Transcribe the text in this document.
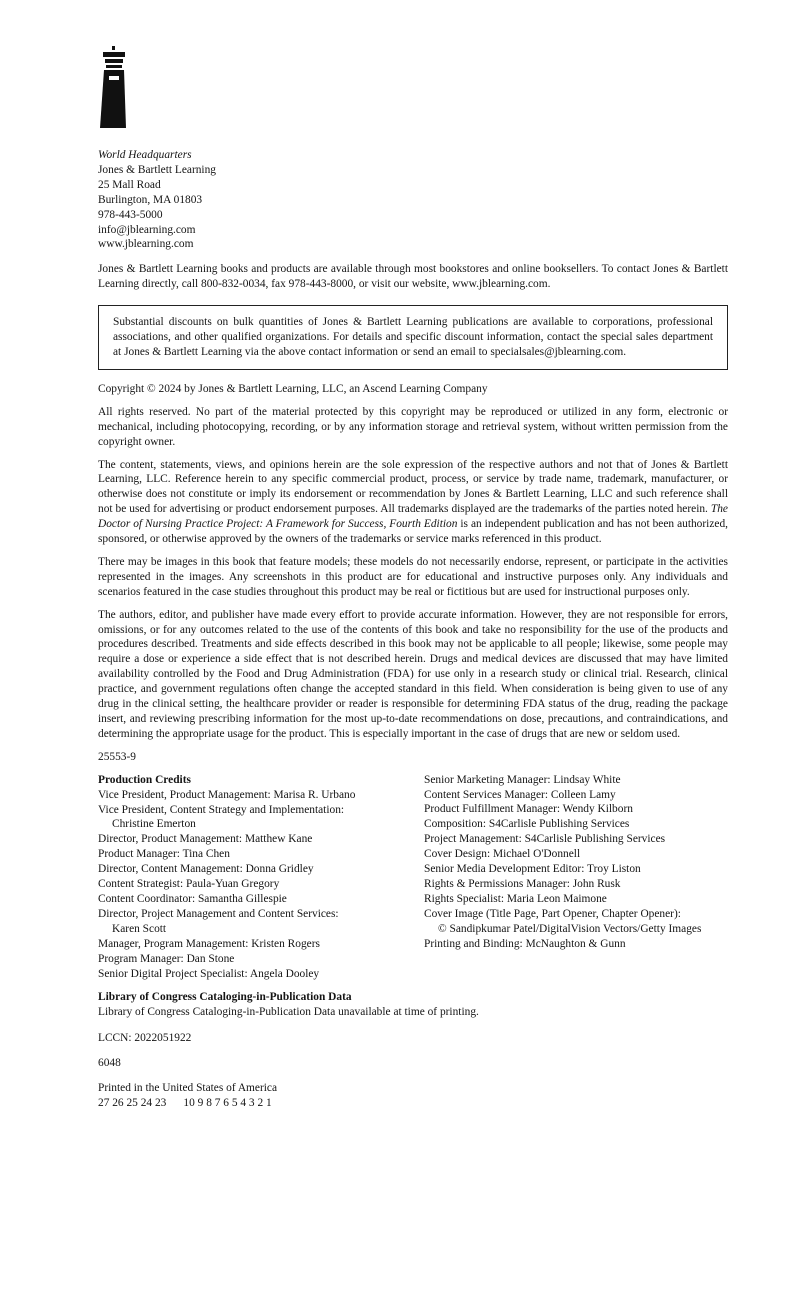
World Headquarters
Jones & Bartlett Learning
25 Mall Road
Burlington, MA 01803
978-443-5000
info@jblearning.com
www.jblearning.com

Jones & Bartlett Learning books and products are available through most bookstores and online booksellers. To contact Jones & Bartlett Learning directly, call 800-832-0034, fax 978-443-8000, or visit our website, www.jblearning.com.

Substantial discounts on bulk quantities of Jones & Bartlett Learning publications are available to corporations, professional associations, and other qualified organizations. For details and specific discount information, contact the special sales department at Jones & Bartlett Learning via the above contact information or send an email to specialsales@jblearning.com.

Copyright © 2024 by Jones & Bartlett Learning, LLC, an Ascend Learning Company

All rights reserved. No part of the material protected by this copyright may be reproduced or utilized in any form, electronic or mechanical, including photocopying, recording, or by any information storage and retrieval system, without written permission from the copyright owner.

The content, statements, views, and opinions herein are the sole expression of the respective authors and not that of Jones & Bartlett Learning, LLC. Reference herein to any specific commercial product, process, or service by trade name, trademark, manufacturer, or otherwise does not constitute or imply its endorsement or recommendation by Jones & Bartlett Learning, LLC and such reference shall not be used for advertising or product endorsement purposes. All trademarks displayed are the trademarks of the parties noted herein. The Doctor of Nursing Practice Project: A Framework for Success, Fourth Edition is an independent publication and has not been authorized, sponsored, or otherwise approved by the owners of the trademarks or service marks referenced in this product.

There may be images in this book that feature models; these models do not necessarily endorse, represent, or participate in the activities represented in the images. Any screenshots in this product are for educational and instructive purposes only. Any individuals and scenarios featured in the case studies throughout this product may be real or fictitious but are used for instructional purposes only.

The authors, editor, and publisher have made every effort to provide accurate information. However, they are not responsible for errors, omissions, or for any outcomes related to the use of the contents of this book and take no responsibility for the use of the products and procedures described. Treatments and side effects described in this book may not be applicable to all people; likewise, some people may require a dose or experience a side effect that is not described herein. Drugs and medical devices are discussed that may have limited availability controlled by the Food and Drug Administration (FDA) for use only in a research study or clinical trial. Research, clinical practice, and government regulations often change the accepted standard in this field. When consideration is being given to use of any drug in the clinical setting, the healthcare provider or reader is responsible for determining FDA status of the drug, reading the package insert, and reviewing prescribing information for the most up-to-date recommendations on dose, precautions, and contraindications, and determining the appropriate usage for the product. This is especially important in the case of drugs that are new or seldom used.

25553-9
Production Credits
Vice President, Product Management: Marisa R. Urbano
Vice President, Content Strategy and Implementation:
Christine Emerton
Director, Product Management: Matthew Kane
Product Manager: Tina Chen
Director, Content Management: Donna Gridley
Content Strategist: Paula-Yuan Gregory
Content Coordinator: Samantha Gillespie
Director, Project Management and Content Services:
Karen Scott
Manager, Program Management: Kristen Rogers
Program Manager: Dan Stone
Senior Digital Project Specialist: Angela Dooley
Senior Marketing Manager: Lindsay White
Content Services Manager: Colleen Lamy
Product Fulfillment Manager: Wendy Kilborn
Composition: S4Carlisle Publishing Services
Project Management: S4Carlisle Publishing Services
Cover Design: Michael O'Donnell
Senior Media Development Editor: Troy Liston
Rights & Permissions Manager: John Rusk
Rights Specialist: Maria Leon Maimone
Cover Image (Title Page, Part Opener, Chapter Opener):
© Sandipkumar Patel/DigitalVision Vectors/Getty Images
Printing and Binding: McNaughton & Gunn
Library of Congress Cataloging-in-Publication Data
Library of Congress Cataloging-in-Publication Data unavailable at time of printing.
LCCN: 2022051922
6048
Printed in the United States of America
27 26 25 24 23      10 9 8 7 6 5 4 3 2 1
